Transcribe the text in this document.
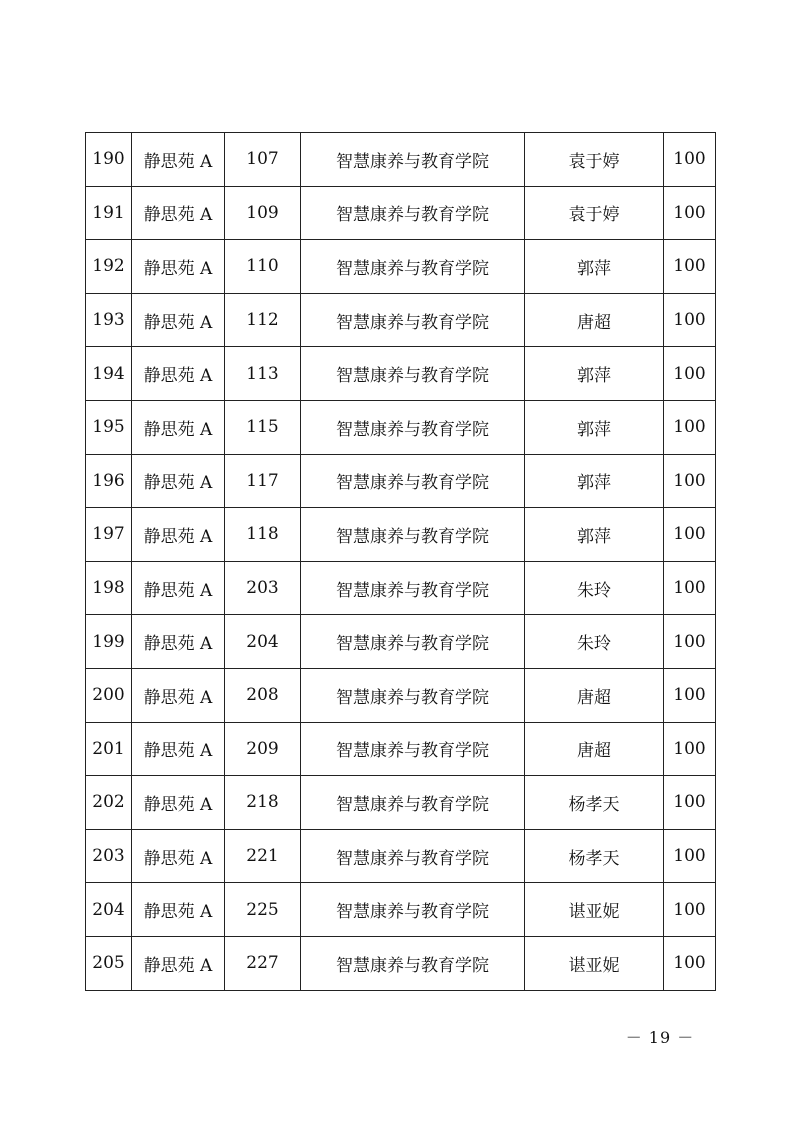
190	静思苑 A	107	智慧康养与教育学院	袁于婷	100
191	静思苑 A	109	智慧康养与教育学院	袁于婷	100
192	静思苑 A	110	智慧康养与教育学院	郭萍	100
193	静思苑 A	112	智慧康养与教育学院	唐超	100
194	静思苑 A	113	智慧康养与教育学院	郭萍	100
195	静思苑 A	115	智慧康养与教育学院	郭萍	100
196	静思苑 A	117	智慧康养与教育学院	郭萍	100
197	静思苑 A	118	智慧康养与教育学院	郭萍	100
198	静思苑 A	203	智慧康养与教育学院	朱玲	100
199	静思苑 A	204	智慧康养与教育学院	朱玲	100
200	静思苑 A	208	智慧康养与教育学院	唐超	100
201	静思苑 A	209	智慧康养与教育学院	唐超	100
202	静思苑 A	218	智慧康养与教育学院	杨孝天	100
203	静思苑 A	221	智慧康养与教育学院	杨孝天	100
204	静思苑 A	225	智慧康养与教育学院	谌亚妮	100
205	静思苑 A	227	智慧康养与教育学院	谌亚妮	100
－ 19 －
